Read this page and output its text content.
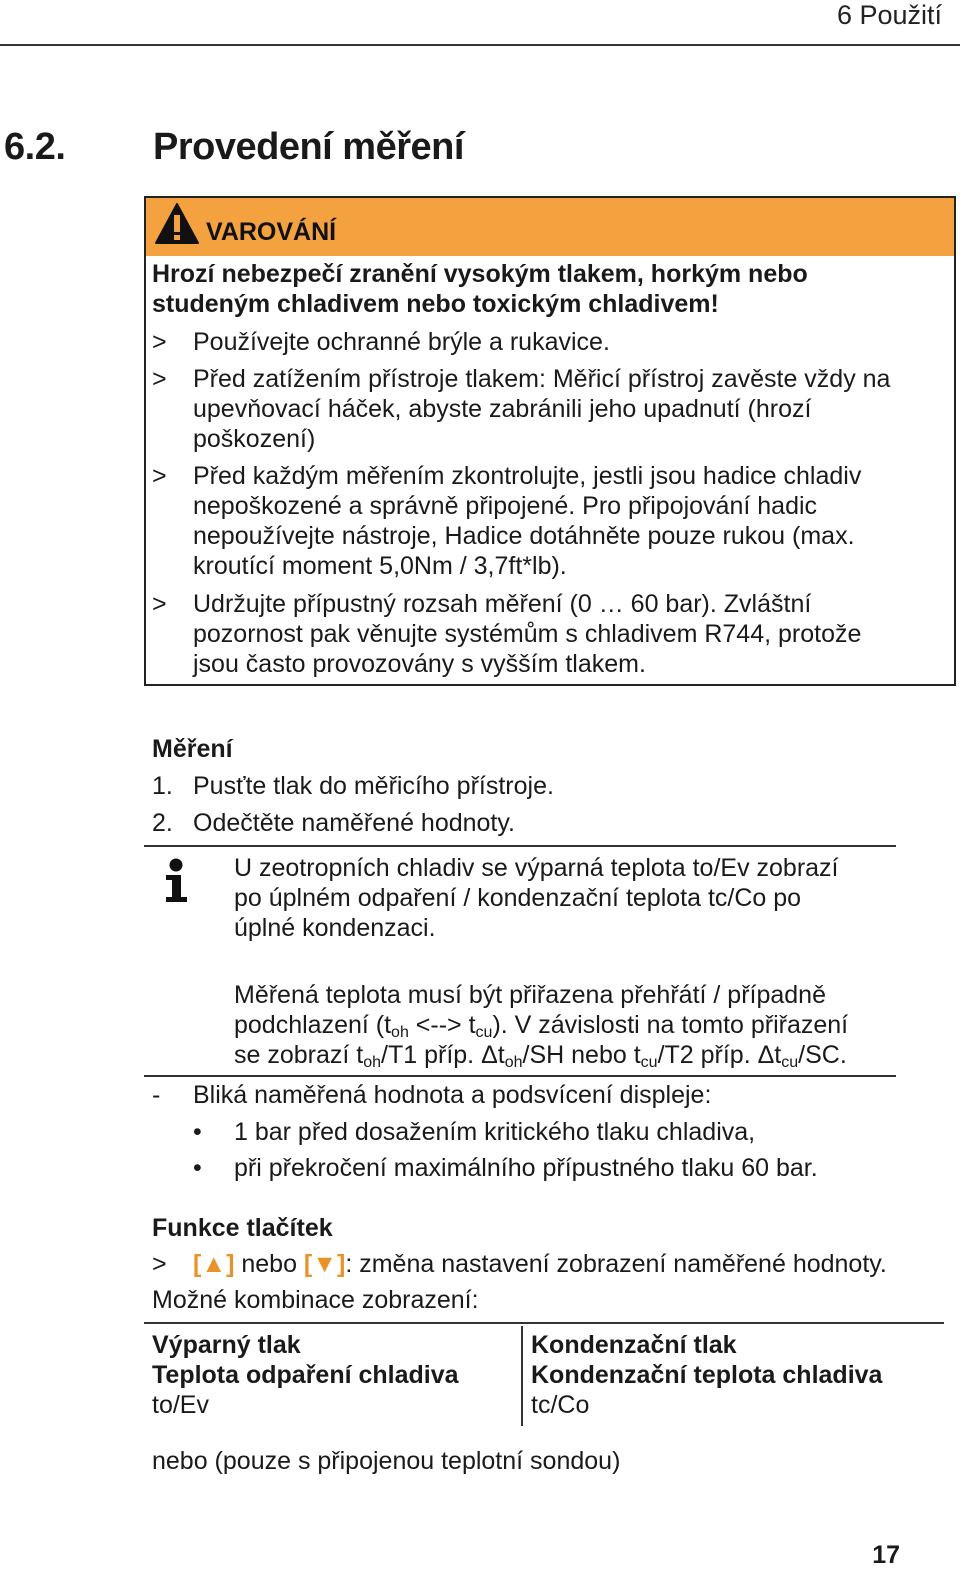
6 Použití
6.2. Provedení měření
VAROVÁNÍ
Hrozí nebezpečí zranění vysokým tlakem, horkým nebo
studeným chladivem nebo toxickým chladivem!
>	Používejte ochranné brýle a rukavice.
>	Před zatížením přístroje tlakem: Měřicí přístroj zavěste vždy na
upevňovací háček, abyste zabránili jeho upadnutí (hrozí
poškození)
>	Před každým měřením zkontrolujte, jestli jsou hadice chladiv
nepoškozené a správně připojené. Pro připojování hadic
nepoužívejte nástroje, Hadice dotáhněte pouze rukou (max.
kroutící moment 5,0Nm / 3,7ft*lb).
>	Udržujte přípustný rozsah měření (0 … 60 bar). Zvláštní
pozornost pak věnujte systémům s chladivem R744, protože
jsou často provozovány s vyšším tlakem.
Měření
1. Pusťte tlak do měřicího přístroje.
2. Odečtěte naměřené hodnoty.
U zeotropních chladiv se výparná teplota to/Ev zobrazí
po úplném odpaření / kondenzační teplota tc/Co po
úplné kondenzaci.
Měřená teplota musí být přiřazena přehřátí / případně
podchlazení ($t_{oh}$ <--> $t_{cu}$). V závislosti na tomto přiřazení
se zobrazí $t_{oh}/T1$ příp. $\Delta t_{oh}/SH$ nebo $t_{cu}/T2$ příp. $\Delta t_{cu}/SC$.
- Bliká naměřená hodnota a podsvícení displeje:
• 1 bar před dosažením kritického tlaku chladiva,
• při překročení maximálního přípustného tlaku 60 bar.
Funkce tlačítek
>	[▲] nebo [▼]: změna nastavení zobrazení naměřené hodnoty.
Možné kombinace zobrazení:
Výparný tlak
Teplota odpaření chladiva
to/Ev
Kondenzační tlak
Kondenzační teplota chladiva
tc/Co
nebo (pouze s připojenou teplotní sondou)
17
